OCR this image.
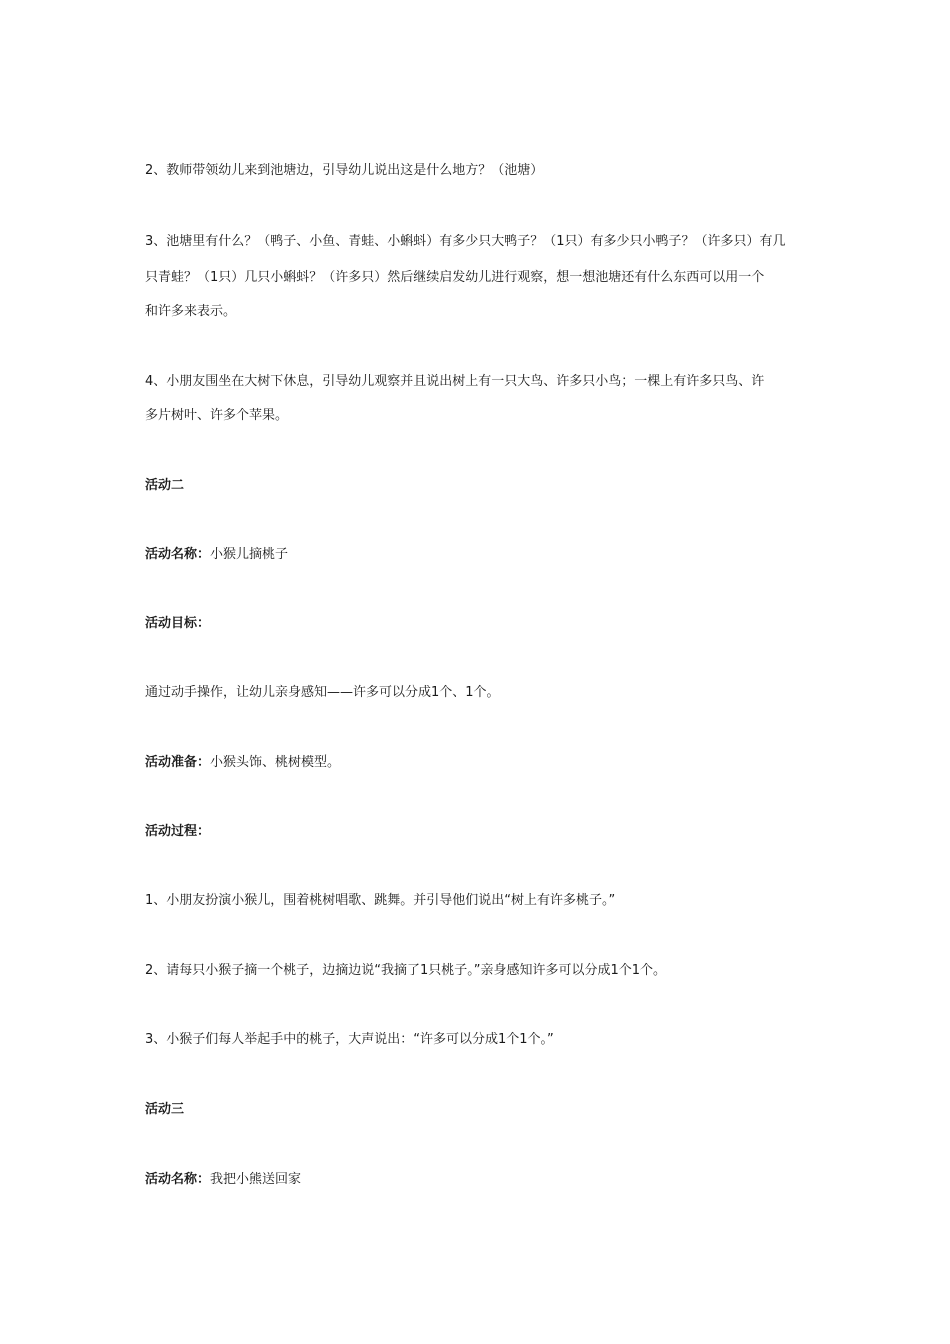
2、教师带领幼儿来到池塘边，引导幼儿说出这是什么地方？（池塘）

3、池塘里有什么？（鸭子、小鱼、青蛙、小蝌蚪）有多少只大鸭子？（1只）有多少只小鸭子？（许多只）有几

只青蛙？（1只）几只小蝌蚪？（许多只）然后继续启发幼儿进行观察，想一想池塘还有什么东西可以用一个

和许多来表示。

4、小朋友围坐在大树下休息，引导幼儿观察并且说出树上有一只大鸟、许多只小鸟；一棵上有许多只鸟、许

多片树叶、许多个苹果。

活动二

活动名称：小猴儿摘桃子

活动目标：

通过动手操作，让幼儿亲身感知——许多可以分成1个、1个。

活动准备：小猴头饰、桃树模型。

活动过程：

1、小朋友扮演小猴儿，围着桃树唱歌、跳舞。并引导他们说出“树上有许多桃子。”

2、请每只小猴子摘一个桃子，边摘边说“我摘了1只桃子。”亲身感知许多可以分成1个1个。

3、小猴子们每人举起手中的桃子，大声说出：“许多可以分成1个1个。”

活动三

活动名称：我把小熊送回家
